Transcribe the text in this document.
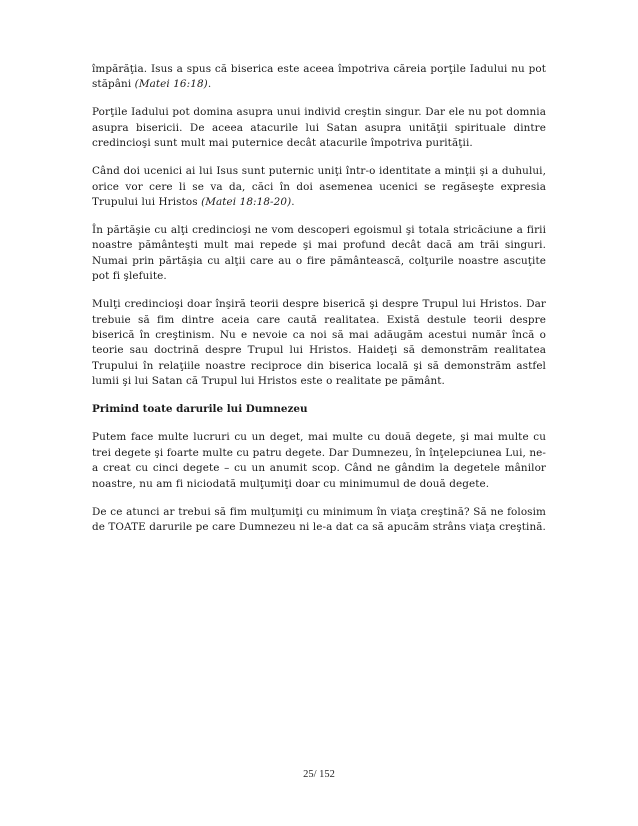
împărăţia. Isus a spus că biserica este aceea împotriva căreia porţile Iadului nu pot stăpâni (Matei 16:18).

Porţile Iadului pot domina asupra unui individ creştin singur. Dar ele nu pot domnia asupra bisericii. De aceea atacurile lui Satan asupra unităţii spirituale dintre credincioşi sunt mult mai puternice decât atacurile împotriva purităţii.

Când doi ucenici ai lui Isus sunt puternic uniţi într-o identitate a minţii şi a duhului, orice vor cere li se va da, căci în doi asemenea ucenici se regăseşte expresia Trupului lui Hristos (Matei 18:18-20).

În părtăşie cu alţi credincioşi ne vom descoperi egoismul şi totala stricăciune a firii noastre pământeşti mult mai repede şi mai profund decât dacă am trăi singuri. Numai prin părtăşia cu alţii care au o fire pământească, colţurile noastre ascuţite pot fi şlefuite.

Mulţi credincioşi doar înşiră teorii despre biserică şi despre Trupul lui Hristos. Dar trebuie să fim dintre aceia care caută realitatea. Există destule teorii despre biserică în creştinism. Nu e nevoie ca noi să mai adăugăm acestui număr încă o teorie sau doctrină despre Trupul lui Hristos. Haideţi să demonstrăm realitatea Trupului în relaţiile noastre reciproce din biserica locală şi să demonstrăm astfel lumii şi lui Satan că Trupul lui Hristos este o realitate pe pământ.

Primind toate darurile lui Dumnezeu

Putem face multe lucruri cu un deget, mai multe cu două degete, şi mai multe cu trei degete şi foarte multe cu patru degete. Dar Dumnezeu, în înţelepciunea Lui, ne-a creat cu cinci degete – cu un anumit scop. Când ne gândim la degetele mânilor noastre, nu am fi niciodată mulţumiţi doar cu minimumul de două degete.

De ce atunci ar trebui să fim mulţumiţi cu minimum în viaţa creştină? Să ne folosim de TOATE darurile pe care Dumnezeu ni le-a dat ca să apucăm strâns viaţa creştină.

25/ 152
